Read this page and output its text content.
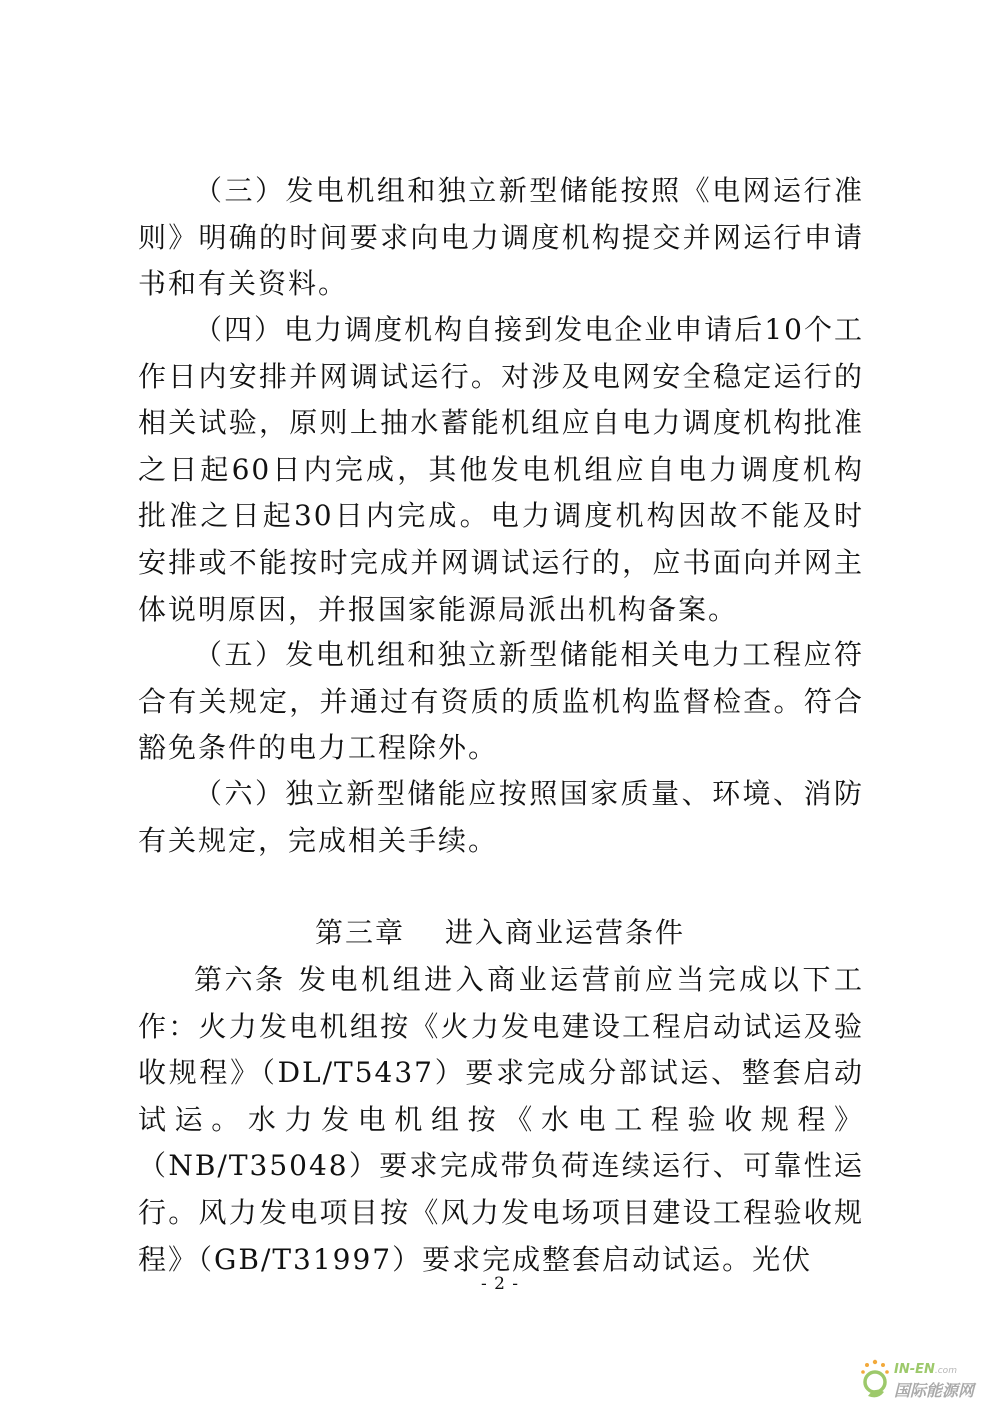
（三）发电机组和独立新型储能按照《电网运行准则》明确的时间要求向电力调度机构提交并网运行申请书和有关资料。

（四）电力调度机构自接到发电企业申请后10个工作日内安排并网调试运行。对涉及电网安全稳定运行的相关试验，原则上抽水蓄能机组应自电力调度机构批准之日起60日内完成，其他发电机组应自电力调度机构批准之日起30日内完成。电力调度机构因故不能及时安排或不能按时完成并网调试运行的，应书面向并网主体说明原因，并报国家能源局派出机构备案。

（五）发电机组和独立新型储能相关电力工程应符合有关规定，并通过有资质的质监机构监督检查。符合豁免条件的电力工程除外。

（六）独立新型储能应按照国家质量、环境、消防有关规定，完成相关手续。

第三章 进入商业运营条件

第六条 发电机组进入商业运营前应当完成以下工作：火力发电机组按《火力发电建设工程启动试运及验收规程》（DL/T5437）要求完成分部试运、整套启动试运。水力发电机组按《水电工程验收规程》（NB/T35048）要求完成带负荷连续运行、可靠性运行。风力发电项目按《风力发电场项目建设工程验收规程》（GB/T31997）要求完成整套启动试运。光伏

- 2 -
IN-EN.com
国际能源网
